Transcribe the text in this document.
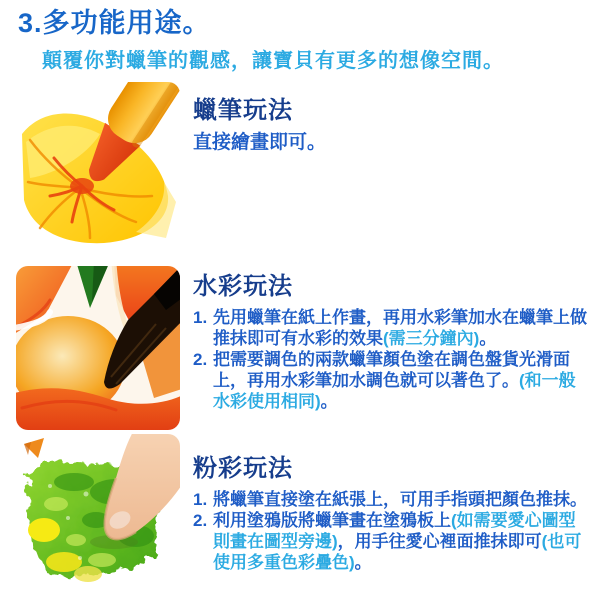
3.多功能用途。

顛覆你對蠟筆的觀感，讓寶貝有更多的想像空間。

蠟筆玩法
直接繪畫即可。
水彩玩法
1. 先用蠟筆在紙上作畫，再用水彩筆加水在蠟筆上做推抹即可有水彩的效果(需三分鐘內)。
2. 把需要調色的兩款蠟筆顏色塗在調色盤貨光滑面上，再用水彩筆加水調色就可以著色了。(和一般水彩使用相同)。
粉彩玩法
1. 將蠟筆直接塗在紙張上，可用手指頭把顏色推抹。
2. 利用塗鴉版將蠟筆畫在塗鴉板上(如需要愛心圖型則畫在圖型旁邊)，用手往愛心裡面推抹即可(也可使用多重色彩疊色)。
